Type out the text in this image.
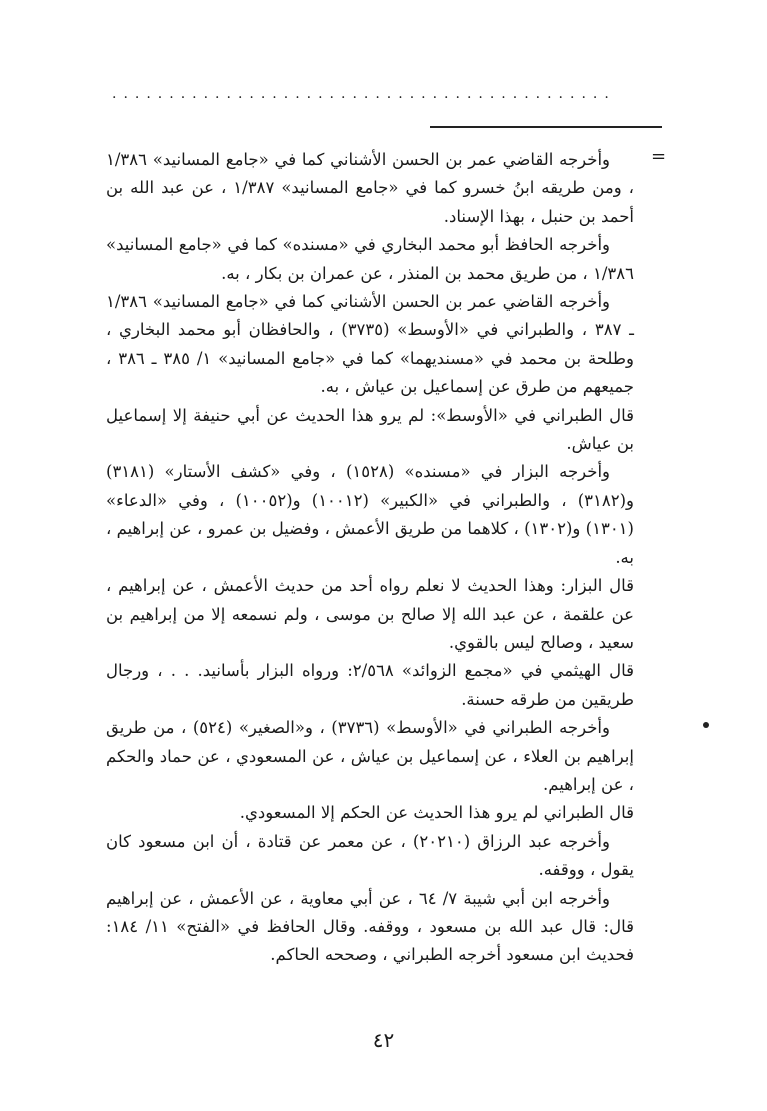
............................................
=

وأخرجه القاضي عمر بن الحسن الأشناني كما في «جامع المسانيد» ١/٣٨٦ ، ومن طريقه ابنُ خسرو كما في «جامع المسانيد» ١/٣٨٧ ، عن عبد الله بن أحمد بن حنبل ، بهذا الإسناد.

وأخرجه الحافظ أبو محمد البخاري في «مسنده» كما في «جامع المسانيد» ١/٣٨٦ ، من طريق محمد بن المنذر ، عن عمران بن بكار ، به.

وأخرجه القاضي عمر بن الحسن الأشناني كما في «جامع المسانيد» ١/٣٨٦ ـ ٣٨٧ ، والطبراني في «الأوسط» (٣٧٣٥) ، والحافظان أبو محمد البخاري ، وطلحة بن محمد في «مسنديهما» كما في «جامع المسانيد» ١/ ٣٨٥ ـ ٣٨٦ ، جميعهم من طرق عن إسماعيل بن عياش ، به.

قال الطبراني في «الأوسط»: لم يرو هذا الحديث عن أبي حنيفة إلا إسماعيل بن عياش.

وأخرجه البزار في «مسنده» (١٥٢٨) ، وفي «كشف الأستار» (٣١٨١) و(٣١٨٢) ، والطبراني في «الكبير» (١٠٠١٢) و(١٠٠٥٢) ، وفي «الدعاء» (١٣٠١) و(١٣٠٢) ، كلاهما من طريق الأعمش ، وفضيل بن عمرو ، عن إبراهيم ، به.

قال البزار: وهذا الحديث لا نعلم رواه أحد من حديث الأعمش ، عن إبراهيم ، عن علقمة ، عن عبد الله إلا صالح بن موسى ، ولم نسمعه إلا من إبراهيم بن سعيد ، وصالح ليس بالقوي.

قال الهيثمي في «مجمع الزوائد» ٢/٥٦٨: ورواه البزار بأسانيد. . . ، ورجال طريقين من طرقه حسنة.

وأخرجه الطبراني في «الأوسط» (٣٧٣٦) ، و«الصغير» (٥٢٤) ، من طريق إبراهيم بن العلاء ، عن إسماعيل بن عياش ، عن المسعودي ، عن حماد والحكم ، عن إبراهيم.

قال الطبراني لم يرو هذا الحديث عن الحكم إلا المسعودي.

وأخرجه عبد الرزاق (٢٠٢١٠) ، عن معمر عن قتادة ، أن ابن مسعود كان يقول ، ووقفه.

وأخرجه ابن أبي شيبة ٧/ ٦٤ ، عن أبي معاوية ، عن الأعمش ، عن إبراهيم قال: قال عبد الله بن مسعود ، ووقفه. وقال الحافظ في «الفتح» ١١/ ١٨٤: فحديث ابن مسعود أخرجه الطبراني ، وصححه الحاكم.

٤٢
